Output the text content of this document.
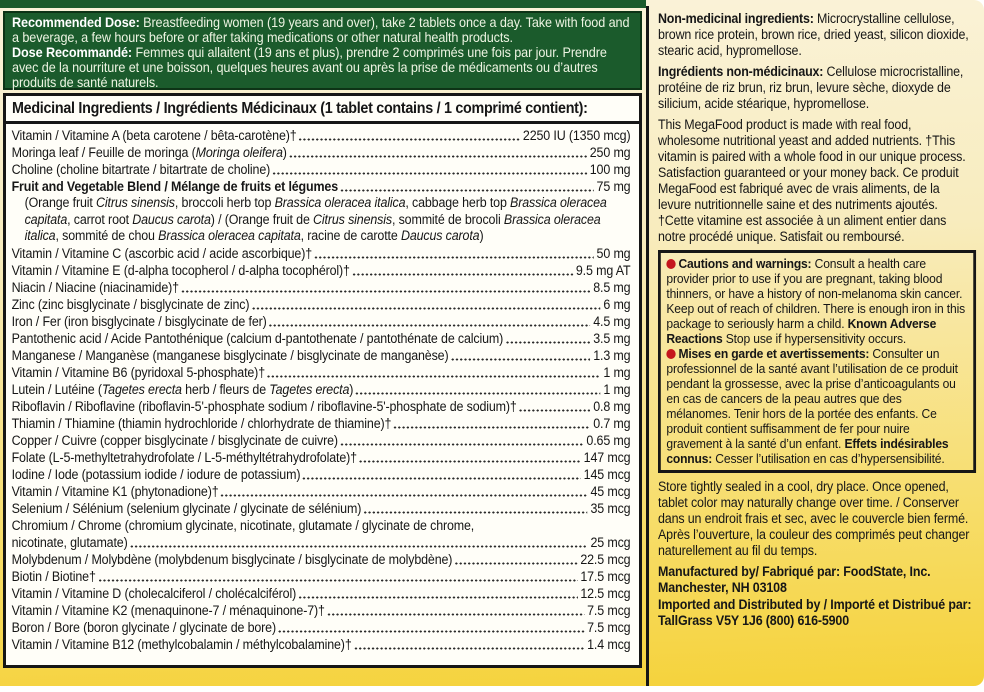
Recommended Dose: Breastfeeding women (19 years and over), take 2 tablets once a day. Take with food and a beverage, a few hours before or after taking medications or other natural health products.

Dose Recommandé: Femmes qui allaitent (19 ans et plus), prendre 2 comprimés une fois par jour. Prendre avec de la nourriture et une boisson, quelques heures avant ou après la prise de médicaments ou d’autres produits de santé naturels.

Medicinal Ingredients / Ingrédients Médicinaux (1 tablet contains / 1 comprimé contient):
Vitamin / Vitamine A (beta carotene / bêta-carotène)†	2250 IU (1350 mcg)
Moringa leaf / Feuille de moringa (Moringa oleifera)	250 mg
Choline (choline bitartrate / bitartrate de choline)	100 mg
Fruit and Vegetable Blend / Mélange de fruits et légumes	75 mg
(Orange fruit Citrus sinensis, broccoli herb top Brassica oleracea italica, cabbage herb top Brassica oleracea capitata, carrot root Daucus carota) / (Orange fruit de Citrus sinensis, sommité de brocoli Brassica oleracea italica, sommité de chou Brassica oleracea capitata, racine de carotte Daucus carota)
Vitamin / Vitamine C (ascorbic acid / acide ascorbique)†	50 mg
Vitamin / Vitamine E (d-alpha tocopherol / d-alpha tocophérol)†	9.5 mg AT
Niacin / Niacine (niacinamide)†	8.5 mg
Zinc (zinc bisglycinate / bisglycinate de zinc)	6 mg
Iron / Fer (iron bisglycinate / bisglycinate de fer)	4.5 mg
Pantothenic acid / Acide Pantothénique (calcium d-pantothenate / pantothénate de calcium)	3.5 mg
Manganese / Manganèse (manganese bisglycinate / bisglycinate de manganèse)	1.3 mg
Vitamin / Vitamine B6 (pyridoxal 5-phosphate)†	1 mg
Lutein / Lutéine (Tagetes erecta herb / fleurs de Tagetes erecta)	1 mg
Riboflavin / Riboflavine (riboflavin-5'-phosphate sodium / riboflavine-5'-phosphate de sodium)†	0.8 mg
Thiamin / Thiamine (thiamin hydrochloride / chlorhydrate de thiamine)†	0.7 mg
Copper / Cuivre (copper bisglycinate / bisglycinate de cuivre)	0.65 mg
Folate (L-5-methyltetrahydrofolate / L-5-méthyltétrahydrofolate)†	147 mcg
Iodine / Iode (potassium iodide / iodure de potassium)	145 mcg
Vitamin / Vitamine K1 (phytonadione)†	45 mcg
Selenium / Sélénium (selenium glycinate / glycinate de sélénium)	35 mcg
Chromium / Chrome (chromium glycinate, nicotinate, glutamate / glycinate de chrome,
nicotinate, glutamate)	25 mcg
Molybdenum / Molybdène (molybdenum bisglycinate / bisglycinate de molybdène)	22.5 mcg
Biotin / Biotine†	17.5 mcg
Vitamin / Vitamine D (cholecalciferol / cholécalciférol)	12.5 mcg
Vitamin / Vitamine K2 (menaquinone-7 / ménaquinone-7)†	7.5 mcg
Boron / Bore (boron glycinate / glycinate de bore)	7.5 mcg
Vitamin / Vitamine B12 (methylcobalamin / méthylcobalamine)†	1.4 mcg

Non-medicinal ingredients: Microcrystalline cellulose, brown rice protein, brown rice, dried yeast, silicon dioxide, stearic acid, hypromellose.

Ingrédients non-médicinaux: Cellulose microcristalline, protéine de riz brun, riz brun, levure sèche, dioxyde de silicium, acide stéarique, hypromellose.

This MegaFood product is made with real food, wholesome nutritional yeast and added nutrients. †This vitamin is paired with a whole food in our unique process. Satisfaction guaranteed or your money back. Ce produit MegaFood est fabriqué avec de vrais aliments, de la levure nutritionnelle saine et des nutriments ajoutés. †Cette vitamine est associée à un aliment entier dans notre procédé unique. Satisfait ou remboursé.

Cautions and warnings: Consult a health care provider prior to use if you are pregnant, taking blood thinners, or have a history of non-melanoma skin cancer. Keep out of reach of children. There is enough iron in this package to seriously harm a child. Known Adverse Reactions Stop use if hypersensitivity occurs.

Mises en garde et avertissements: Consulter un professionnel de la santé avant l’utilisation de ce produit pendant la grossesse, avec la prise d’anticoagulants ou en cas de cancers de la peau autres que des mélanomes. Tenir hors de la portée des enfants. Ce produit contient suffisamment de fer pour nuire gravement à la santé d’un enfant. Effets indésirables connus: Cesser l’utilisation en cas d’hypersensibilité.

Store tightly sealed in a cool, dry place. Once opened, tablet color may naturally change over time. / Conserver dans un endroit frais et sec, avec le couvercle bien fermé. Après l’ouverture, la couleur des comprimés peut changer naturellement au fil du temps.

Manufactured by/ Fabriqué par: FoodState, Inc.
Manchester, NH 03108
Imported and Distributed by / Importé et Distribué par: TallGrass V5Y 1J6 (800) 616-5900
